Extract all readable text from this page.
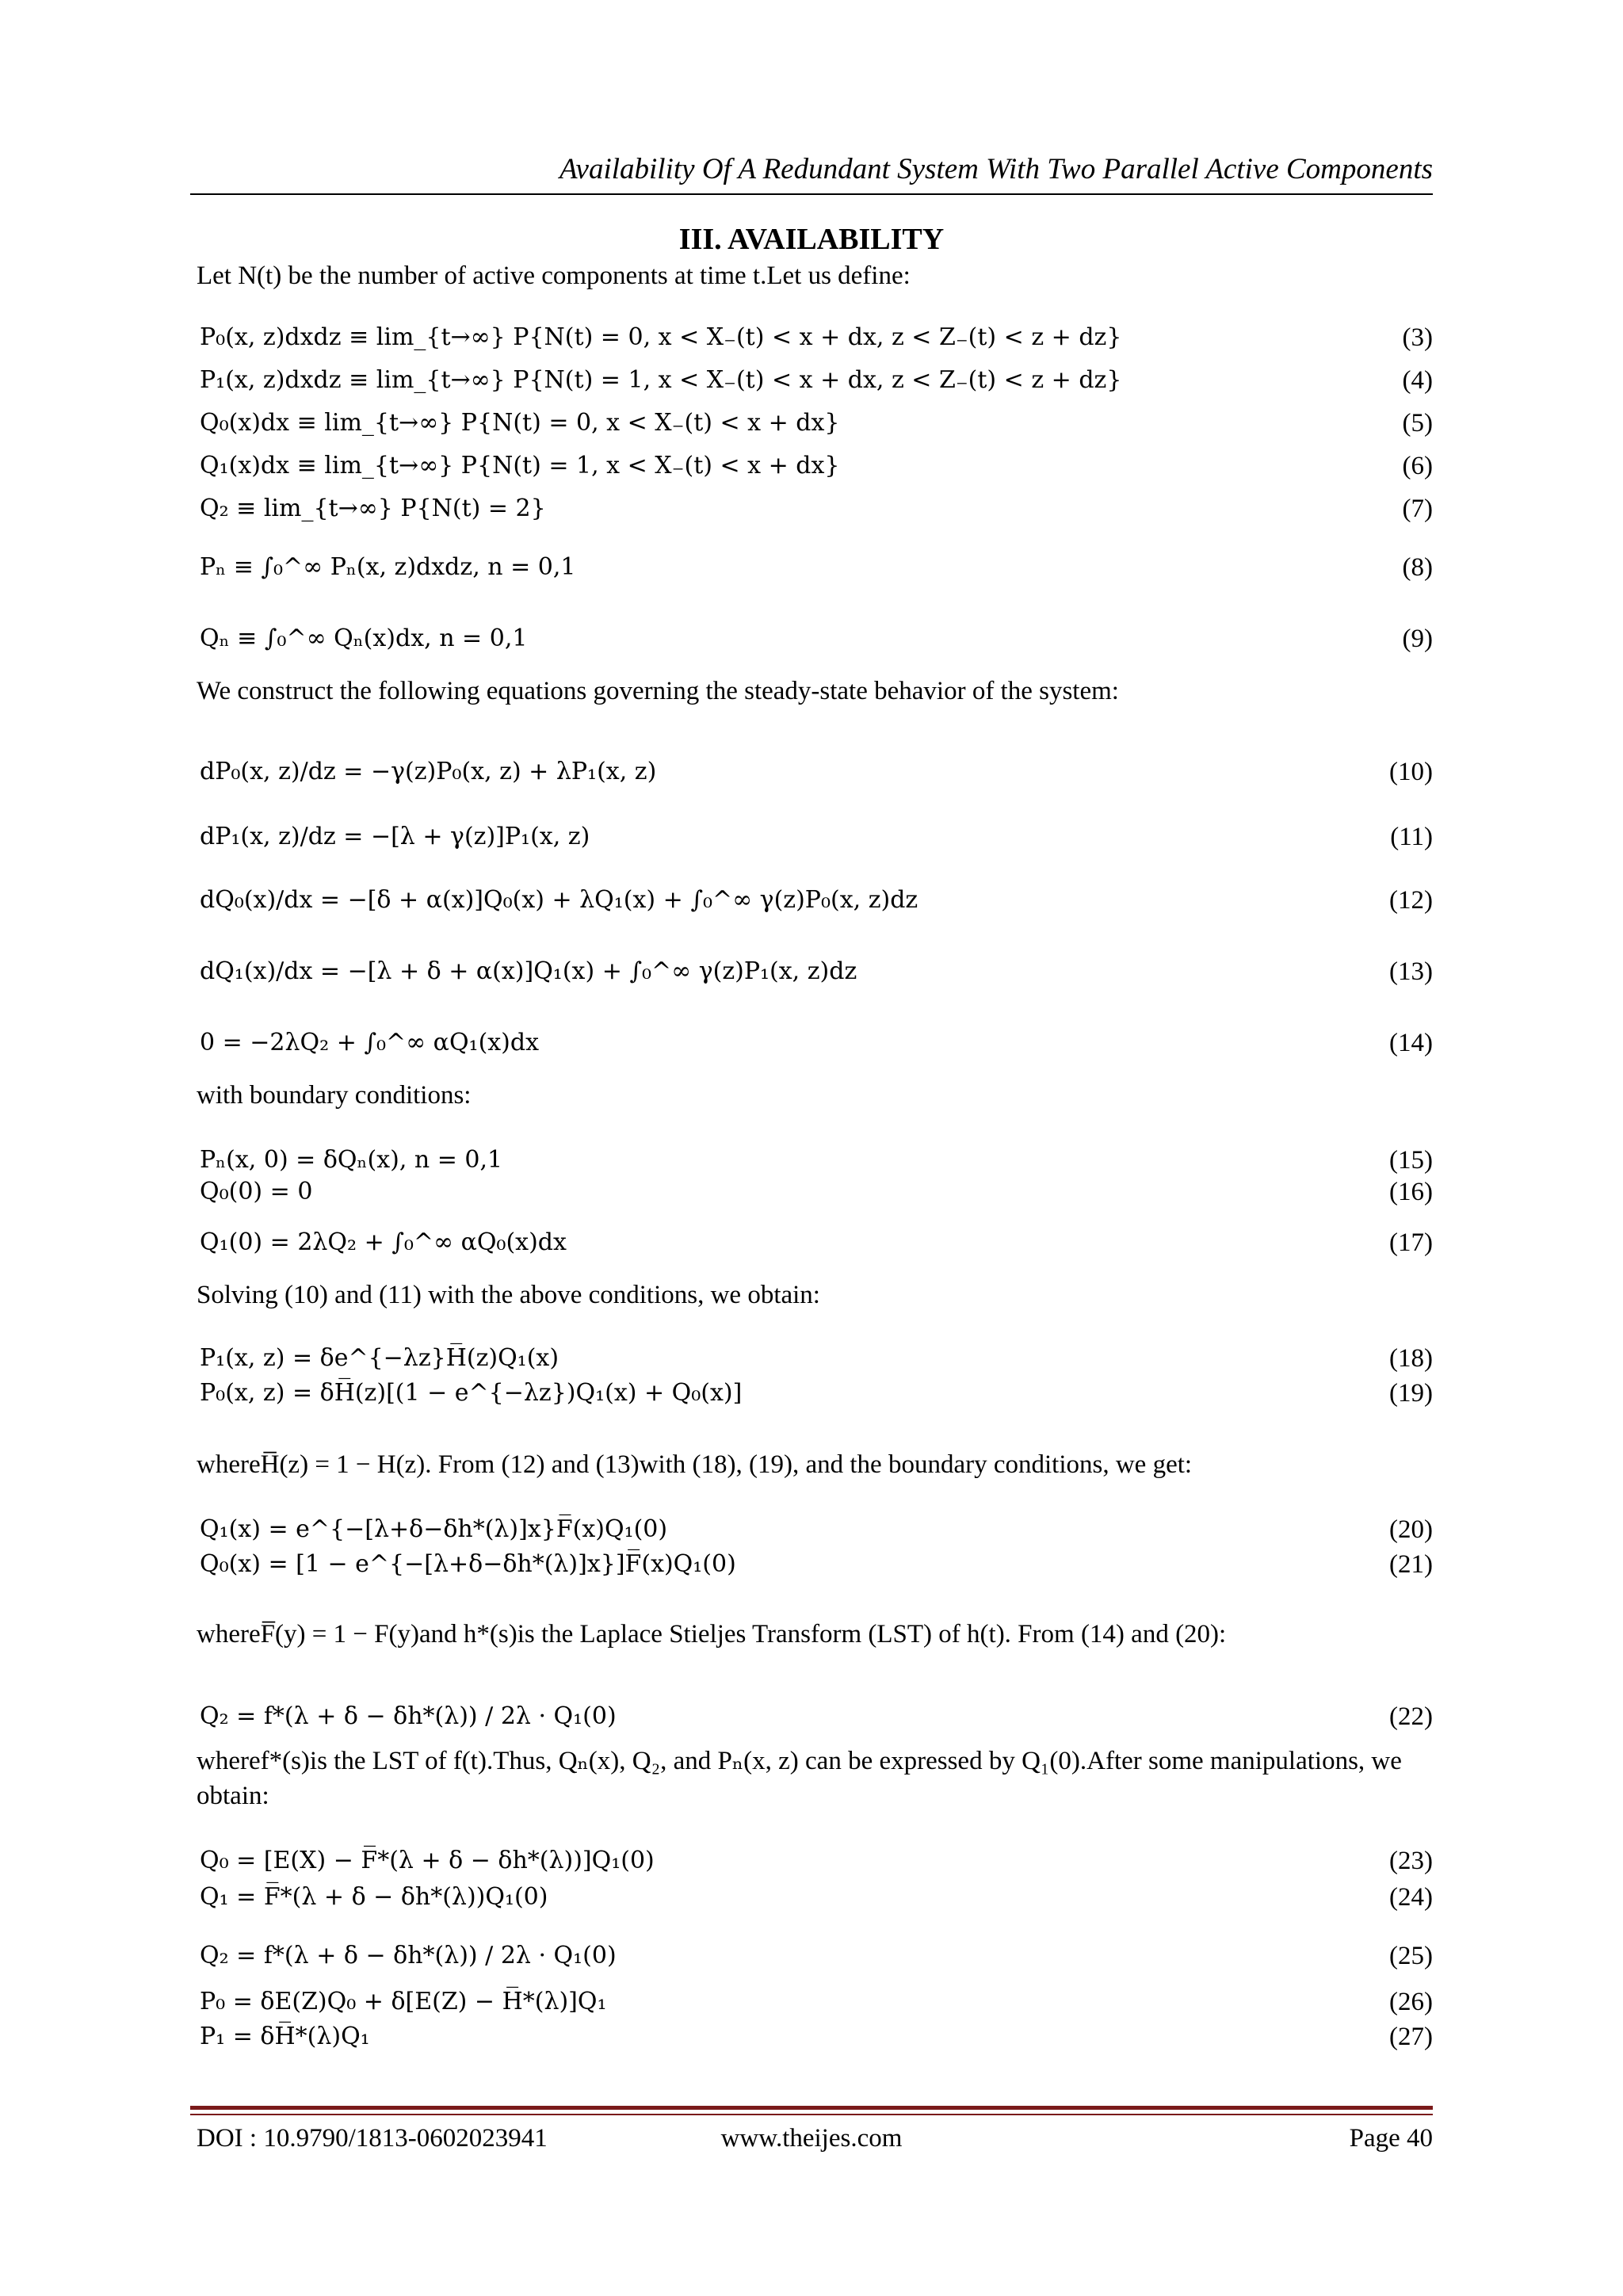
Availability Of A Redundant System With Two Parallel Active Components
III. AVAILABILITY
Let N(t) be the number of active components at time t.Let us define:
P₀(x, z)dxdz ≡ lim_{t→∞} P{N(t) = 0, x < X₋(t) < x + dx, z < Z₋(t) < z + dz}	(3)
P₁(x, z)dxdz ≡ lim_{t→∞} P{N(t) = 1, x < X₋(t) < x + dx, z < Z₋(t) < z + dz}	(4)
Q₀(x)dx ≡ lim_{t→∞} P{N(t) = 0, x < X₋(t) < x + dx}	(5)
Q₁(x)dx ≡ lim_{t→∞} P{N(t) = 1, x < X₋(t) < x + dx}	(6)
Q₂ ≡ lim_{t→∞} P{N(t) = 2}	(7)
Pₙ ≡ ∫₀^∞ Pₙ(x, z)dxdz, n = 0,1	(8)
Qₙ ≡ ∫₀^∞ Qₙ(x)dx, n = 0,1	(9)
We construct the following equations governing the steady-state behavior of the system:
dP₀(x, z)/dz = −γ(z)P₀(x, z) + λP₁(x, z)	(10)
dP₁(x, z)/dz = −[λ + γ(z)]P₁(x, z)	(11)
dQ₀(x)/dx = −[δ + α(x)]Q₀(x) + λQ₁(x) + ∫₀^∞ γ(z)P₀(x, z)dz	(12)
dQ₁(x)/dx = −[λ + δ + α(x)]Q₁(x) + ∫₀^∞ γ(z)P₁(x, z)dz	(13)
0 = −2λQ₂ + ∫₀^∞ αQ₁(x)dx	(14)
with boundary conditions:
Pₙ(x, 0) = δQₙ(x), n = 0,1	(15)
Q₀(0) = 0	(16)
Q₁(0) = 2λQ₂ + ∫₀^∞ αQ₀(x)dx	(17)
Solving (10) and (11) with the above conditions, we obtain:
P₁(x, z) = δe^{−λz}H̅(z)Q₁(x)	(18)
P₀(x, z) = δH̅(z)[(1 − e^{−λz})Q₁(x) + Q₀(x)]	(19)
whereH̅(z) = 1 − H(z). From (12) and (13)with (18), (19), and the boundary conditions, we get:
Q₁(x) = e^{−[λ+δ−δh*(λ)]x}F̅(x)Q₁(0)	(20)
Q₀(x) = [1 − e^{−[λ+δ−δh*(λ)]x}]F̅(x)Q₁(0)	(21)
whereF̅(y) = 1 − F(y)and h*(s)is the Laplace Stieljes Transform (LST) of h(t). From (14) and (20):
Q₂ = f*(λ + δ − δh*(λ)) / 2λ · Q₁(0)	(22)
wheref*(s)is the LST of f(t).Thus, Qₙ(x), Q₂, and Pₙ(x, z) can be expressed by Q₁(0).After some manipulations, we obtain:
Q₀ = [E(X) − F̅*(λ + δ − δh*(λ))]Q₁(0)	(23)
Q₁ = F̅*(λ + δ − δh*(λ))Q₁(0)	(24)
Q₂ = f*(λ + δ − δh*(λ)) / 2λ · Q₁(0)	(25)
P₀ = δE(Z)Q₀ + δ[E(Z) − H̅*(λ)]Q₁	(26)
P₁ = δH̅*(λ)Q₁	(27)
DOI : 10.9790/1813-0602023941	www.theijes.com	Page 40
